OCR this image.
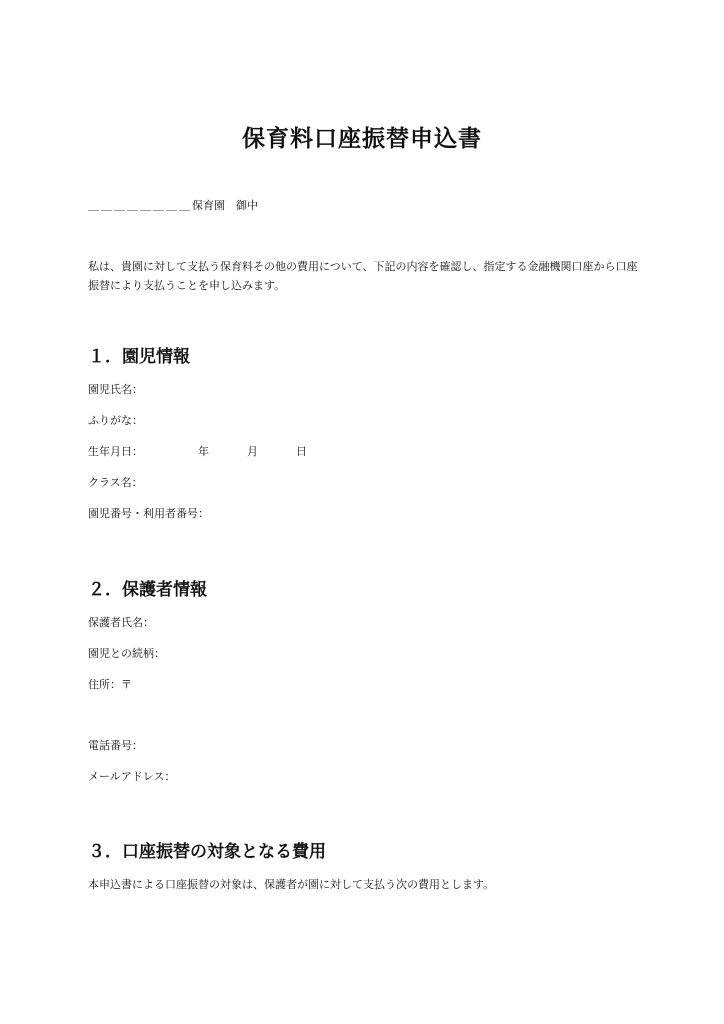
保育料口座振替申込書
＿＿＿＿＿＿＿＿保育園　御中
私は、貴園に対して支払う保育料その他の費用について、下記の内容を確認し、指定する金融機関口座から口座振替により支払うことを申し込みます。
１．園児情報
園児氏名：
ふりがな：
生年月日：	年	月	日
クラス名：
園児番号・利用者番号：
２．保護者情報
保護者氏名：
園児との続柄：
住所：〒
電話番号：
メールアドレス：
３．口座振替の対象となる費用
本申込書による口座振替の対象は、保護者が園に対して支払う次の費用とします。
